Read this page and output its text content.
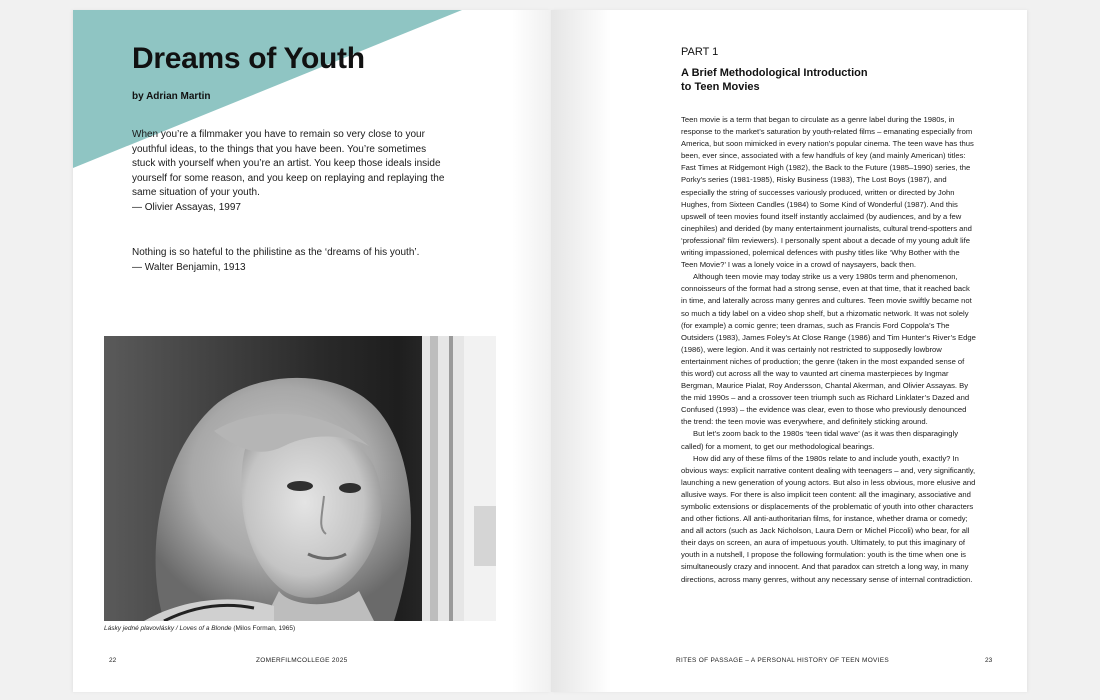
Dreams of Youth
by Adrian Martin

When you’re a filmmaker you have to remain so very close to your youthful ideas, to the things that you have been. You’re sometimes stuck with yourself when you’re an artist. You keep those ideals inside yourself for some reason, and you keep on replaying and replaying the same situation of your youth.
— Olivier Assayas, 1997

Nothing is so hateful to the philistine as the ‘dreams of his youth’.
— Walter Benjamin, 1913

Lásky jedné plavovlásky / Loves of a Blonde (Milos Forman, 1965)
22	ZOMERFILMCOLLEGE 2025
PART 1
A Brief Methodological Introduction
to Teen Movies

Teen movie is a term that began to circulate as a genre label during the 1980s, in response to the market’s saturation by youth-related films – emanating especially from America, but soon mimicked in every nation’s popular cinema. The teen wave has thus been, ever since, associated with a few handfuls of key (and mainly American) titles: Fast Times at Ridgemont High (1982), the Back to the Future (1985–1990) series, the Porky’s series (1981-1985), Risky Business (1983), The Lost Boys (1987), and especially the string of successes variously produced, written or directed by John Hughes, from Sixteen Candles (1984) to Some Kind of Wonderful (1987). And this upswell of teen movies found itself instantly acclaimed (by audiences, and by a few cinephiles) and derided (by many entertainment journalists, cultural trend-spotters and ‘professional’ film reviewers). I personally spent about a decade of my young adult life writing impassioned, polemical defences with pushy titles like ‘Why Bother with the Teen Movie?’ I was a lonely voice in a crowd of naysayers, back then.

Although teen movie may today strike us a very 1980s term and phenomenon, connoisseurs of the format had a strong sense, even at that time, that it reached back in time, and laterally across many genres and cultures. Teen movie swiftly became not so much a tidy label on a video shop shelf, but a rhizomatic network. It was not solely (for example) a comic genre; teen dramas, such as Francis Ford Coppola’s The Outsiders (1983), James Foley’s At Close Range (1986) and Tim Hunter’s River’s Edge (1986), were legion. And it was certainly not restricted to supposedly lowbrow entertainment niches of production; the genre (taken in the most expanded sense of this word) cut across all the way to vaunted art cinema masterpieces by Ingmar Bergman, Maurice Pialat, Roy Andersson, Chantal Akerman, and Olivier Assayas. By the mid 1990s – and a crossover teen triumph such as Richard Linklater’s Dazed and Confused (1993) – the evidence was clear, even to those who previously denounced the trend: the teen movie was everywhere, and definitely sticking around.

But let’s zoom back to the 1980s ‘teen tidal wave’ (as it was then disparagingly called) for a moment, to get our methodological bearings.

How did any of these films of the 1980s relate to and include youth, exactly? In obvious ways: explicit narrative content dealing with teenagers – and, very significantly, launching a new generation of young actors. But also in less obvious, more elusive and allusive ways. For there is also implicit teen content: all the imaginary, associative and symbolic extensions or displacements of the problematic of youth into other characters and other fictions. All anti-authoritarian films, for instance, whether drama or comedy; and all actors (such as Jack Nicholson, Laura Dern or Michel Piccoli) who bear, for all their days on screen, an aura of impetuous youth. Ultimately, to put this imaginary of youth in a nutshell, I propose the following formulation: youth is the time when one is simultaneously crazy and innocent. And that paradox can stretch a long way, in many directions, across many genres, without any necessary sense of internal contradiction.

RITES OF PASSAGE – A PERSONAL HISTORY OF TEEN MOVIES	23
